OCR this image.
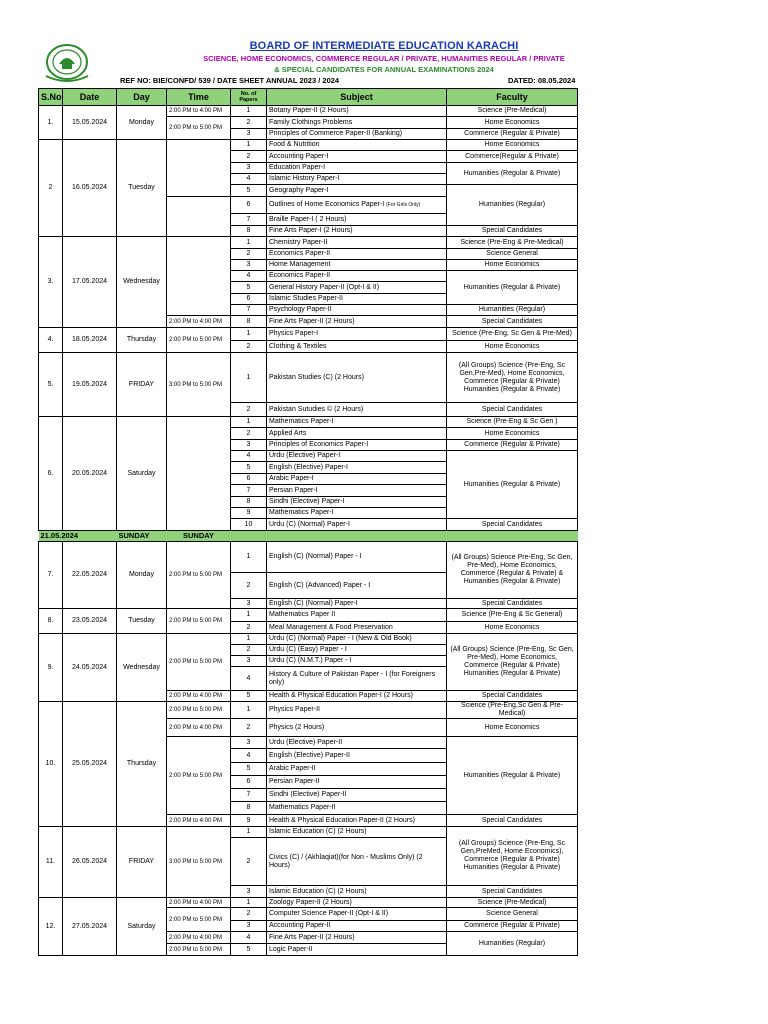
BOARD OF INTERMEDIATE EDUCATION KARACHI
SCIENCE, HOME ECONOMICS, COMMERCE REGULAR / PRIVATE, HUMANITIES REGULAR / PRIVATE
& SPECIAL CANDIDATES FOR ANNUAL EXAMINATIONS 2024
REF NO: BIE/CONFD/ 539 / DATE SHEET ANNUAL 2023 / 2024	DATED: 08.05.2024
S.No	Date	Day	Time	No. of Papers	Subject	Faculty
1.	15.05.2024	Monday	2:00 PM to 4:00 PM	1	Botany Paper-II (2 Hours)	Science (Pre-Medical)
			2:00 PM to 5:00 PM	2	Family Clothings Problems	Home Economics
				3	Principles of Commerce Paper-II (Banking)	Commerce (Regular & Private)
2	16.05.2024	Tuesday		1	Food & Nutrition	Home Economics
				2	Accounting Paper-I	Commerce(Regular & Private)
				3	Education Paper-I	Humanities (Regular & Private)
				4	Islamic History Paper-I	
				5	Geography Paper-I	Humanities (Regular)
				6	Outlines of Home Economics Paper-I (For Girls Only)	
				7	Braille Paper-I ( 2 Hours)	
				8	Fine Arts Paper-I (2 Hours)	Special Candidates
3.	17.05.2024	Wednesday		1	Chemistry Paper-II	Science (Pre-Eng & Pre-Medical)
				2	Economics Paper-II	Science General
				3	Home Management	Home Economics
				4	Economics Paper-II	Humanities (Regular & Private)
				5	General History Paper-II (Opt-I & II)	
				6	Islamic Studies Paper-II	
				7	Psychology Paper-II	Humanities (Regular)
			2:00 PM to 4:00 PM	8	Fine Arts Paper-II (2 Hours)	Special Candidates
4.	18.05.2024	Thursday	2:00 PM to 5:00 PM	1	Physics Paper-I	Science (Pre-Eng, Sc Gen & Pre-Med)
				2	Clothing & Textiles	Home Economics
5.	19.05.2024	FRIDAY	3:00 PM to 5:00 PM	1	Pakistan Studies (C) (2 Hours)	(All Groups) Science (Pre-Eng, Sc Gen,Pre-Med), Home Economics, Commerce (Regular & Private) Humanities (Regular & Private)
				2	Pakistan Sutudies © (2 Hours)	Special Candidates
6.	20.05.2024	Saturday		1	Mathematics Paper-I	Science (Pre-Eng & Sc Gen )
				2	Applied Arts	Home Economics
				3	Principles of Economics Paper-I	Commerce (Regular & Private)
				4	Urdu (Elective) Paper-I	Humanities (Regular & Private)
				5	English (Elective) Paper-I	
				6	Arabic Paper-I	
				7	Persian Paper-I	
				8	Sindhi (Elective) Paper-I	
				9	Mathematics Paper-I	
				10	Urdu (C) (Normal) Paper-I	Special Candidates
21.05.2024		SUNDAY	SUNDAY			
7.	22.05.2024	Monday	2:00 PM to 5:00 PM	1	English (C) (Normal) Paper - I	(All Groups) Science Pre-Eng, Sc Gen, Pre-Med), Home Economics, Commerce (Regular & Private) & Humanities (Regular & Private)
				2	English (C) (Advanced) Paper - I	
				3	English (C) (Normal) Paper-I	Special Candidates
8.	23.05.2024	Tuesday	2:00 PM to 5:00 PM	1	Mathematics Paper II	Science (Pre-Eng & Sc General)
				2	Meal Management & Food Preservation	Home Economics
9.	24.05.2024	Wednesday	2:00 PM to 5:00 PM	1	Urdu (C) (Normal) Paper - I (New & Old Book)	(All Groups) Science (Pre-Eng, Sc Gen, Pre-Med), Home Economics, Commerce (Regular & Private) Humanities (Regular & Private)
				2	Urdu (C) (Easy) Paper - I	
				3	Urdu (C) (N.M.T.) Paper - I	
				4	History & Culture of Pakistan Paper - I (for Foreigners only)	
			2:00 PM to 4:00 PM	5	Health & Physical Education Paper-I (2 Hours)	Special Candidates
10.	25.05.2024	Thursday	2:00 PM to 5:00 PM	1	Physics Paper-II	Science (Pre-Eng,Sc Gen & Pre-Medical)
			2:00 PM to 4:00 PM	2	Physics (2 Hours)	Home Economics
			2:00 PM to 5:00 PM	3	Urdu (Elective) Paper-II	Humanities (Regular & Private)
				4	English (Elective) Paper-II	
				5	Arabic Paper-II	
				6	Persian Paper-II	
				7	Sindhi (Elective) Paper-II	
				8	Mathematics Paper-II	
			2:00 PM to 4:00 PM	9	Health & Physical Education Paper-II (2 Hours)	Special Candidates
11.	26.05.2024	FRIDAY	3:00 PM to 5:00 PM	1	Islamic Education (C) (2 Hours)	(All Groups) Science (Pre-Eng, Sc Gen,PreMed, Home Economics), Commerce (Regular & Private) Humanities (Regular & Private)
				2	Civics (C) / (Akhlaqiat)(for Non - Muslims Only) (2 Hours)	
				3	Islamic Education (C) (2 Hours)	Special Candidates
12.	27.05.2024	Saturday	2:00 PM to 4:00 PM	1	Zoology Paper-II (2 Hours)	Science (Pre-Medical)
			2:00 PM to 5:00 PM	2	Computer Science Paper-II (Opt-I & II)	Science General
				3	Accounting Paper-II	Commerce (Regular & Private)
			2:00 PM to 4:00 PM	4	Fine Arts Paper-II (2 Hours)	Humanities (Regular)
			2:00 PM to 5:00 PM	5	Logic Paper-II	
